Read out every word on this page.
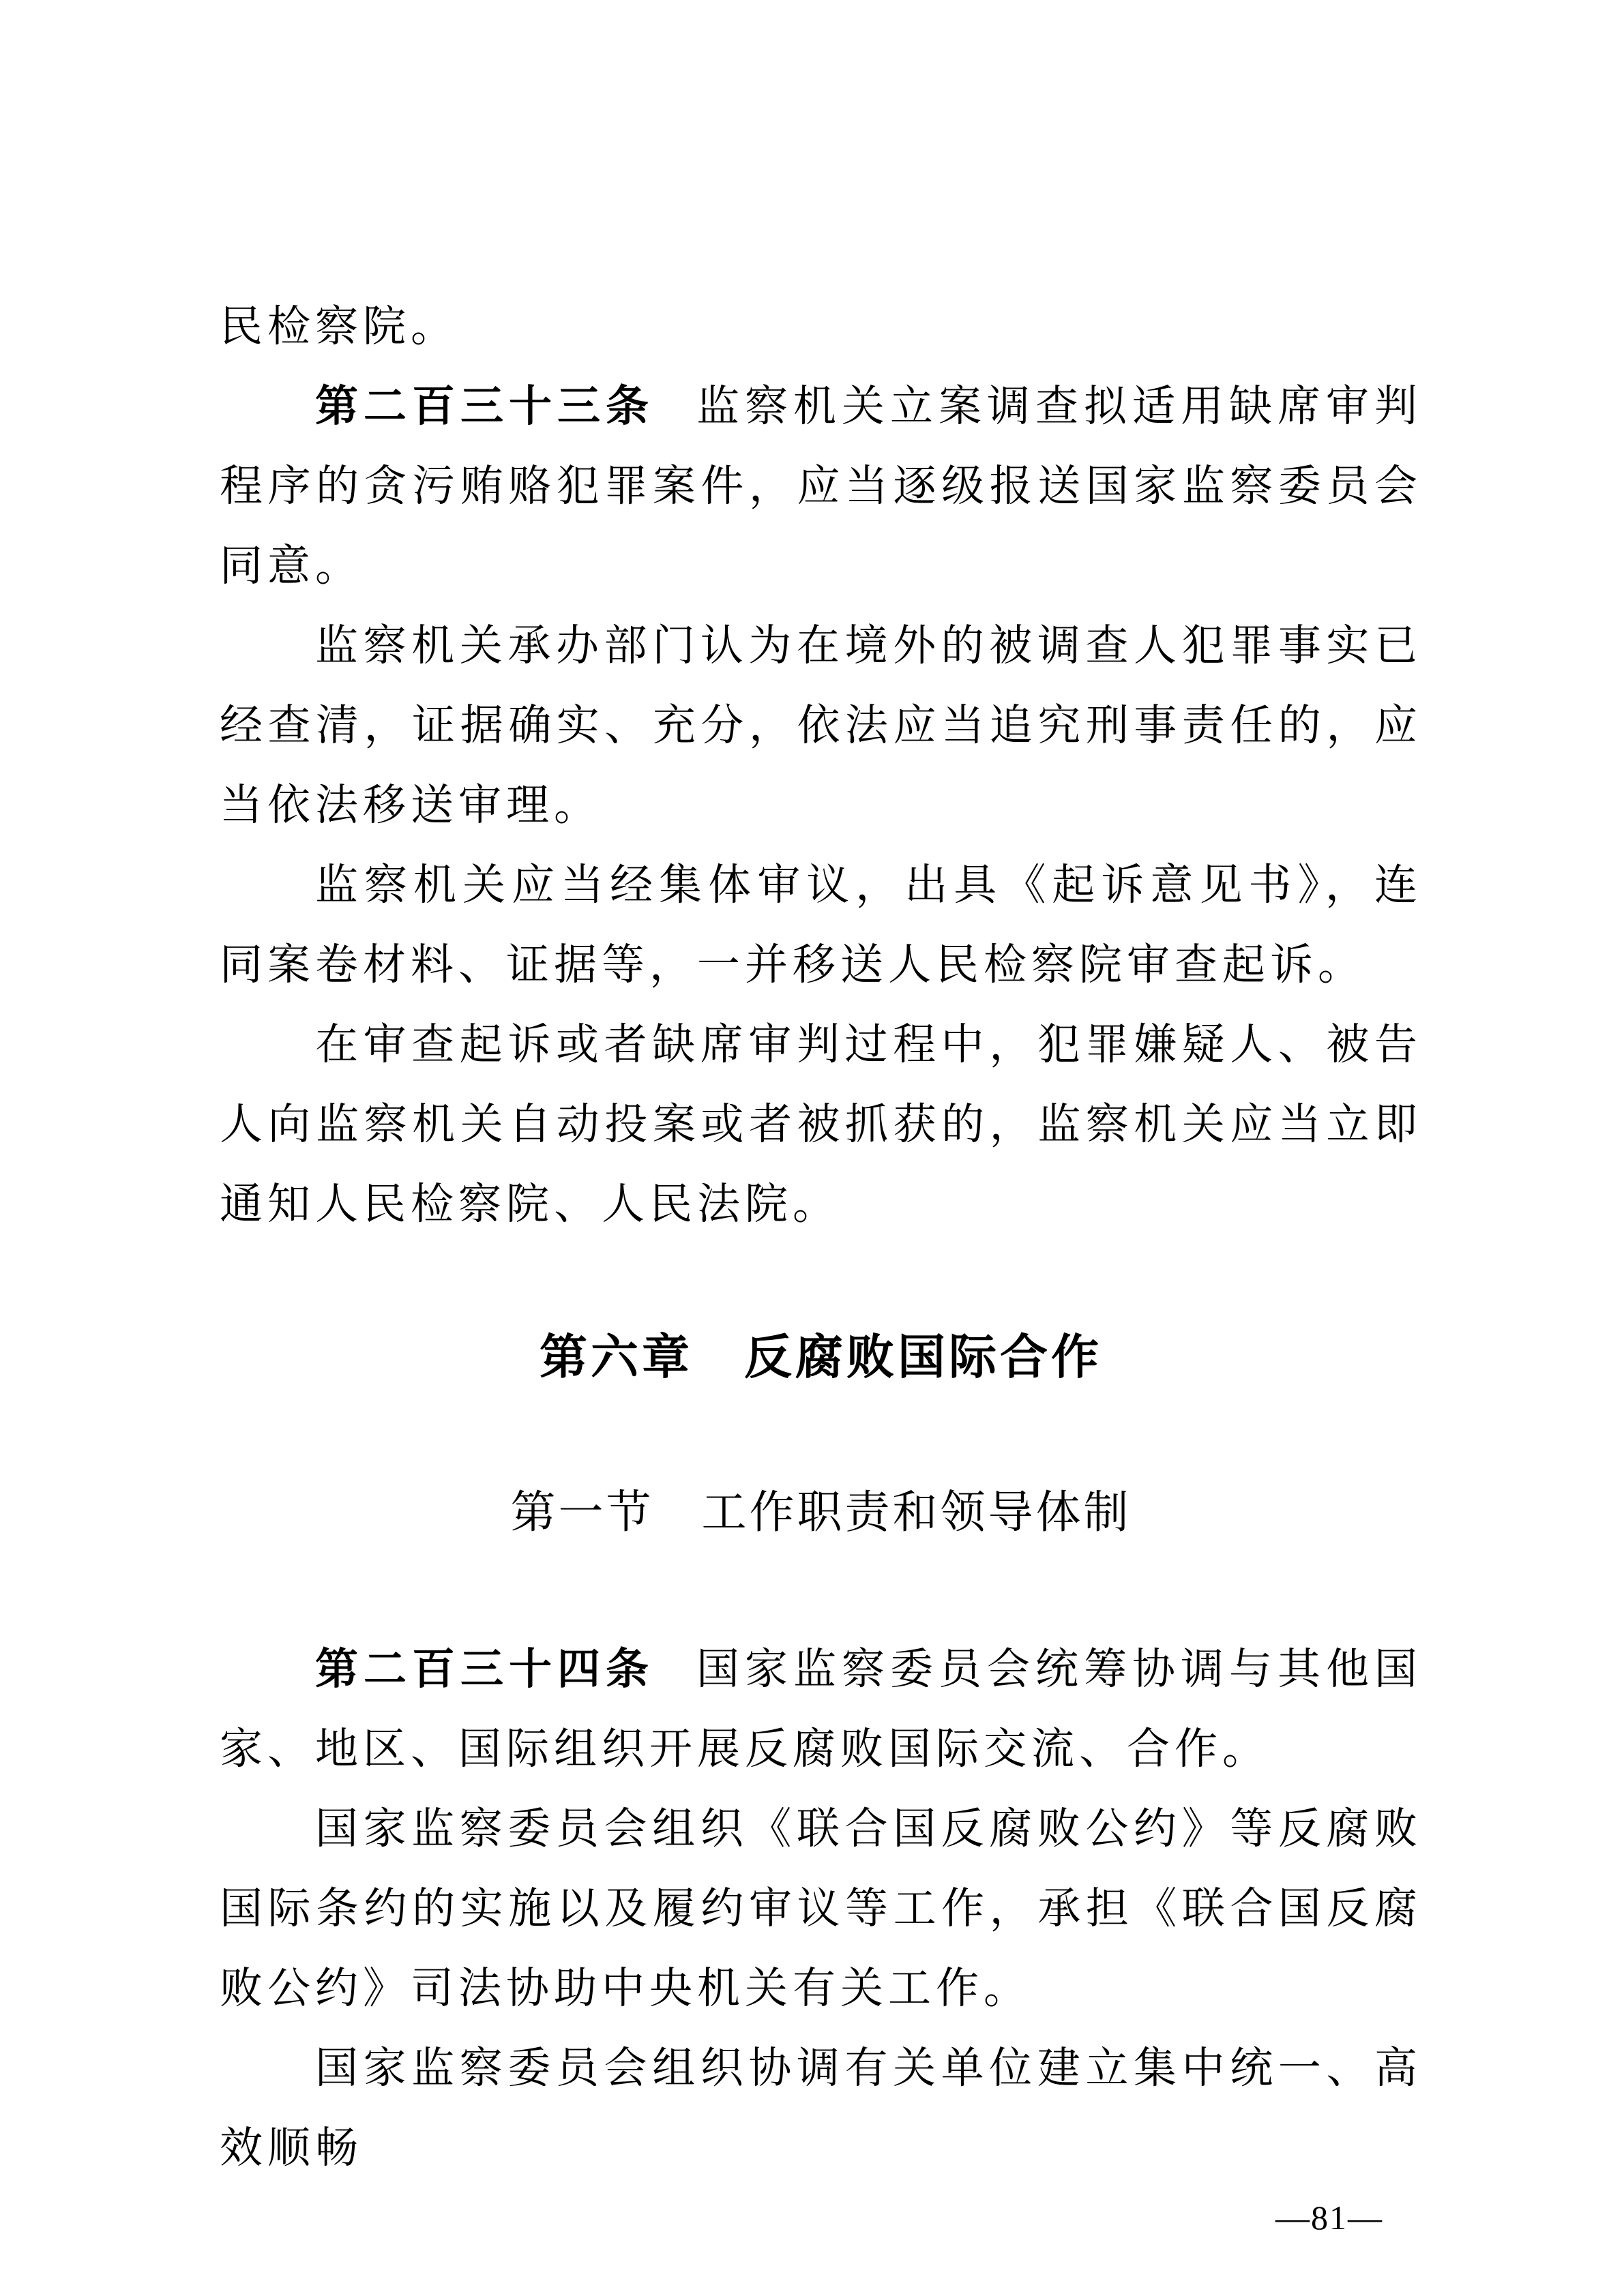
民检察院。

第二百三十三条 监察机关立案调查拟适用缺席审判程序的贪污贿赂犯罪案件，应当逐级报送国家监察委员会同意。

监察机关承办部门认为在境外的被调查人犯罪事实已经查清，证据确实、充分，依法应当追究刑事责任的，应当依法移送审理。

监察机关应当经集体审议，出具《起诉意见书》，连同案卷材料、证据等，一并移送人民检察院审查起诉。

在审查起诉或者缺席审判过程中，犯罪嫌疑人、被告人向监察机关自动投案或者被抓获的，监察机关应当立即通知人民检察院、人民法院。

第六章　反腐败国际合作
第一节　工作职责和领导体制

第二百三十四条 国家监察委员会统筹协调与其他国家、地区、国际组织开展反腐败国际交流、合作。

国家监察委员会组织《联合国反腐败公约》等反腐败国际条约的实施以及履约审议等工作，承担《联合国反腐败公约》司法协助中央机关有关工作。

国家监察委员会组织协调有关单位建立集中统一、高效顺畅

—81—
